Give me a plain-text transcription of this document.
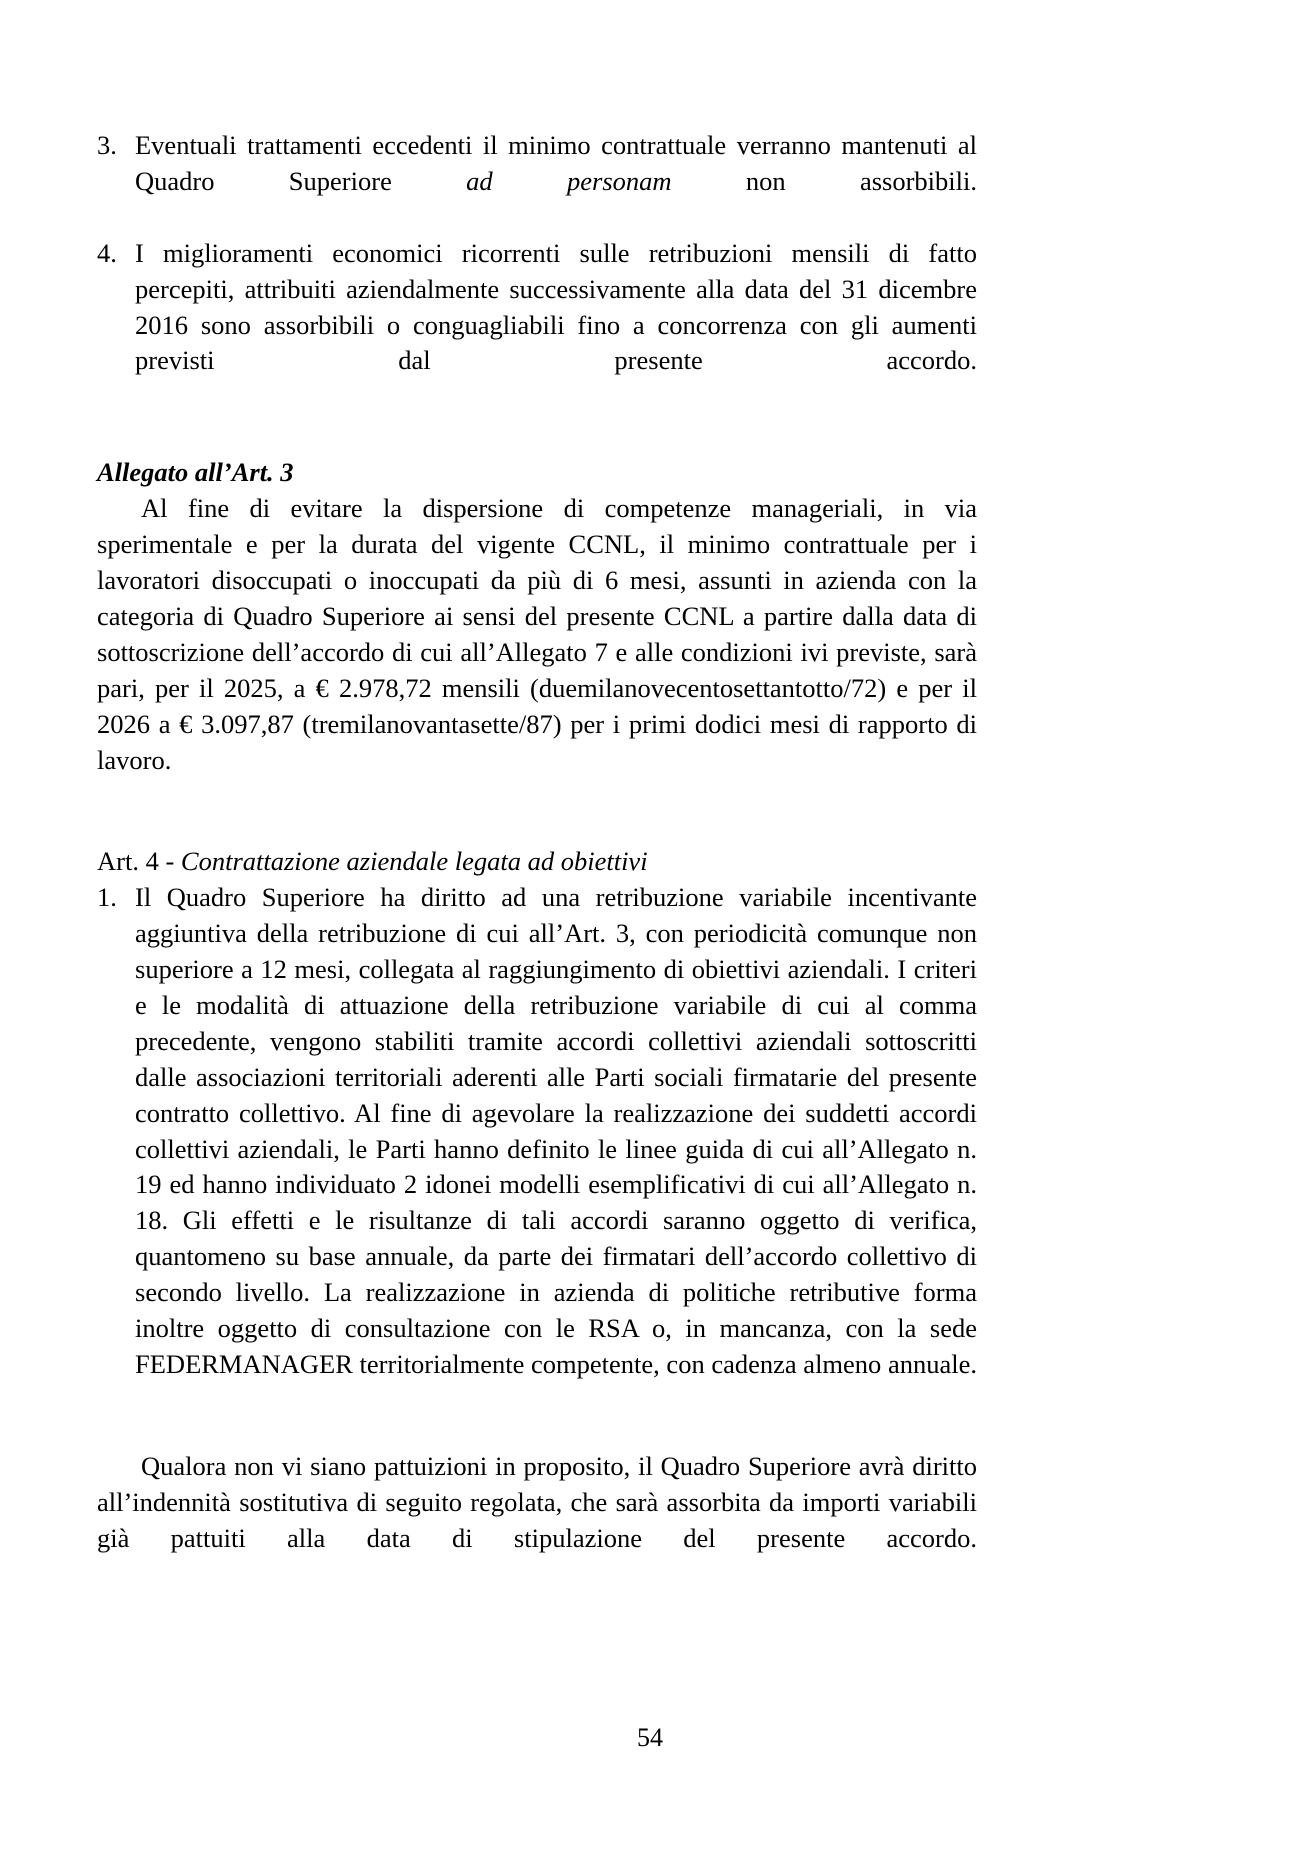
3. Eventuali trattamenti eccedenti il minimo contrattuale verranno mantenuti al Quadro Superiore ad personam non assorbibili.
4. I miglioramenti economici ricorrenti sulle retribuzioni mensili di fatto percepiti, attribuiti aziendalmente successivamente alla data del 31 dicembre 2016 sono assorbibili o conguagliabili fino a concorrenza con gli aumenti previsti dal presente accordo.
Allegato all’Art. 3
Al fine di evitare la dispersione di competenze manageriali, in via sperimentale e per la durata del vigente CCNL, il minimo contrattuale per i lavoratori disoccupati o inoccupati da più di 6 mesi, assunti in azienda con la categoria di Quadro Superiore ai sensi del presente CCNL a partire dalla data di sottoscrizione dell’accordo di cui all’Allegato 7 e alle condizioni ivi previste, sarà pari, per il 2025, a € 2.978,72 mensili (duemilanovecentosettantotto/72) e per il 2026 a € 3.097,87 (tremilanovantasette/87) per i primi dodici mesi di rapporto di lavoro.
Art. 4 - Contrattazione aziendale legata ad obiettivi
1. Il Quadro Superiore ha diritto ad una retribuzione variabile incentivante aggiuntiva della retribuzione di cui all’Art. 3, con periodicità comunque non superiore a 12 mesi, collegata al raggiungimento di obiettivi aziendali. I criteri e le modalità di attuazione della retribuzione variabile di cui al comma precedente, vengono stabiliti tramite accordi collettivi aziendali sottoscritti dalle associazioni territoriali aderenti alle Parti sociali firmatarie del presente contratto collettivo. Al fine di agevolare la realizzazione dei suddetti accordi collettivi aziendali, le Parti hanno definito le linee guida di cui all’Allegato n. 19 ed hanno individuato 2 idonei modelli esemplificativi di cui all’Allegato n. 18. Gli effetti e le risultanze di tali accordi saranno oggetto di verifica, quantomeno su base annuale, da parte dei firmatari dell’accordo collettivo di secondo livello. La realizzazione in azienda di politiche retributive forma inoltre oggetto di consultazione con le RSA o, in mancanza, con la sede FEDERMANAGER territorialmente competente, con cadenza almeno annuale.
Qualora non vi siano pattuizioni in proposito, il Quadro Superiore avrà diritto all’indennità sostitutiva di seguito regolata, che sarà assorbita da importi variabili già pattuiti alla data di stipulazione del presente accordo.
54
